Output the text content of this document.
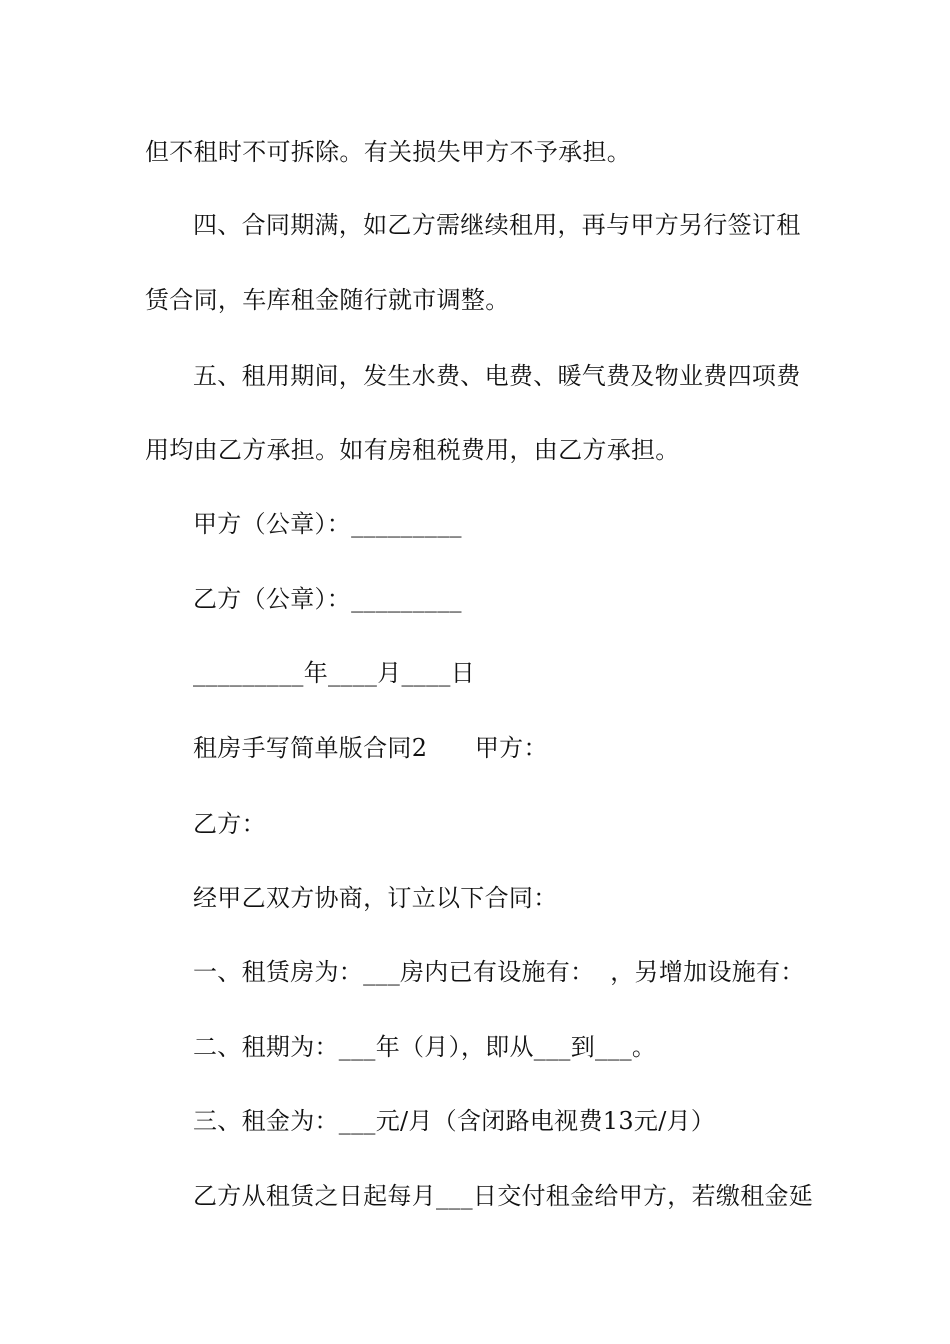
但不租时不可拆除。有关损失甲方不予承担。
四、合同期满，如乙方需继续租用，再与甲方另行签订租
赁合同，车库租金随行就市调整。
五、租用期间，发生水费、电费、暖气费及物业费四项费
用均由乙方承担。如有房租税费用，由乙方承担。
甲方（公章）：_________
乙方（公章）：_________
_________年____月____日
租房手写简单版合同2      甲方：
乙方：
经甲乙双方协商，订立以下合同：
一、租赁房为：___房内已有设施有：  ，另增加设施有：
二、租期为：___年（月），即从___到___。
三、租金为：___元/月（含闭路电视费13元/月）
乙方从租赁之日起每月___日交付租金给甲方，若缴租金延
